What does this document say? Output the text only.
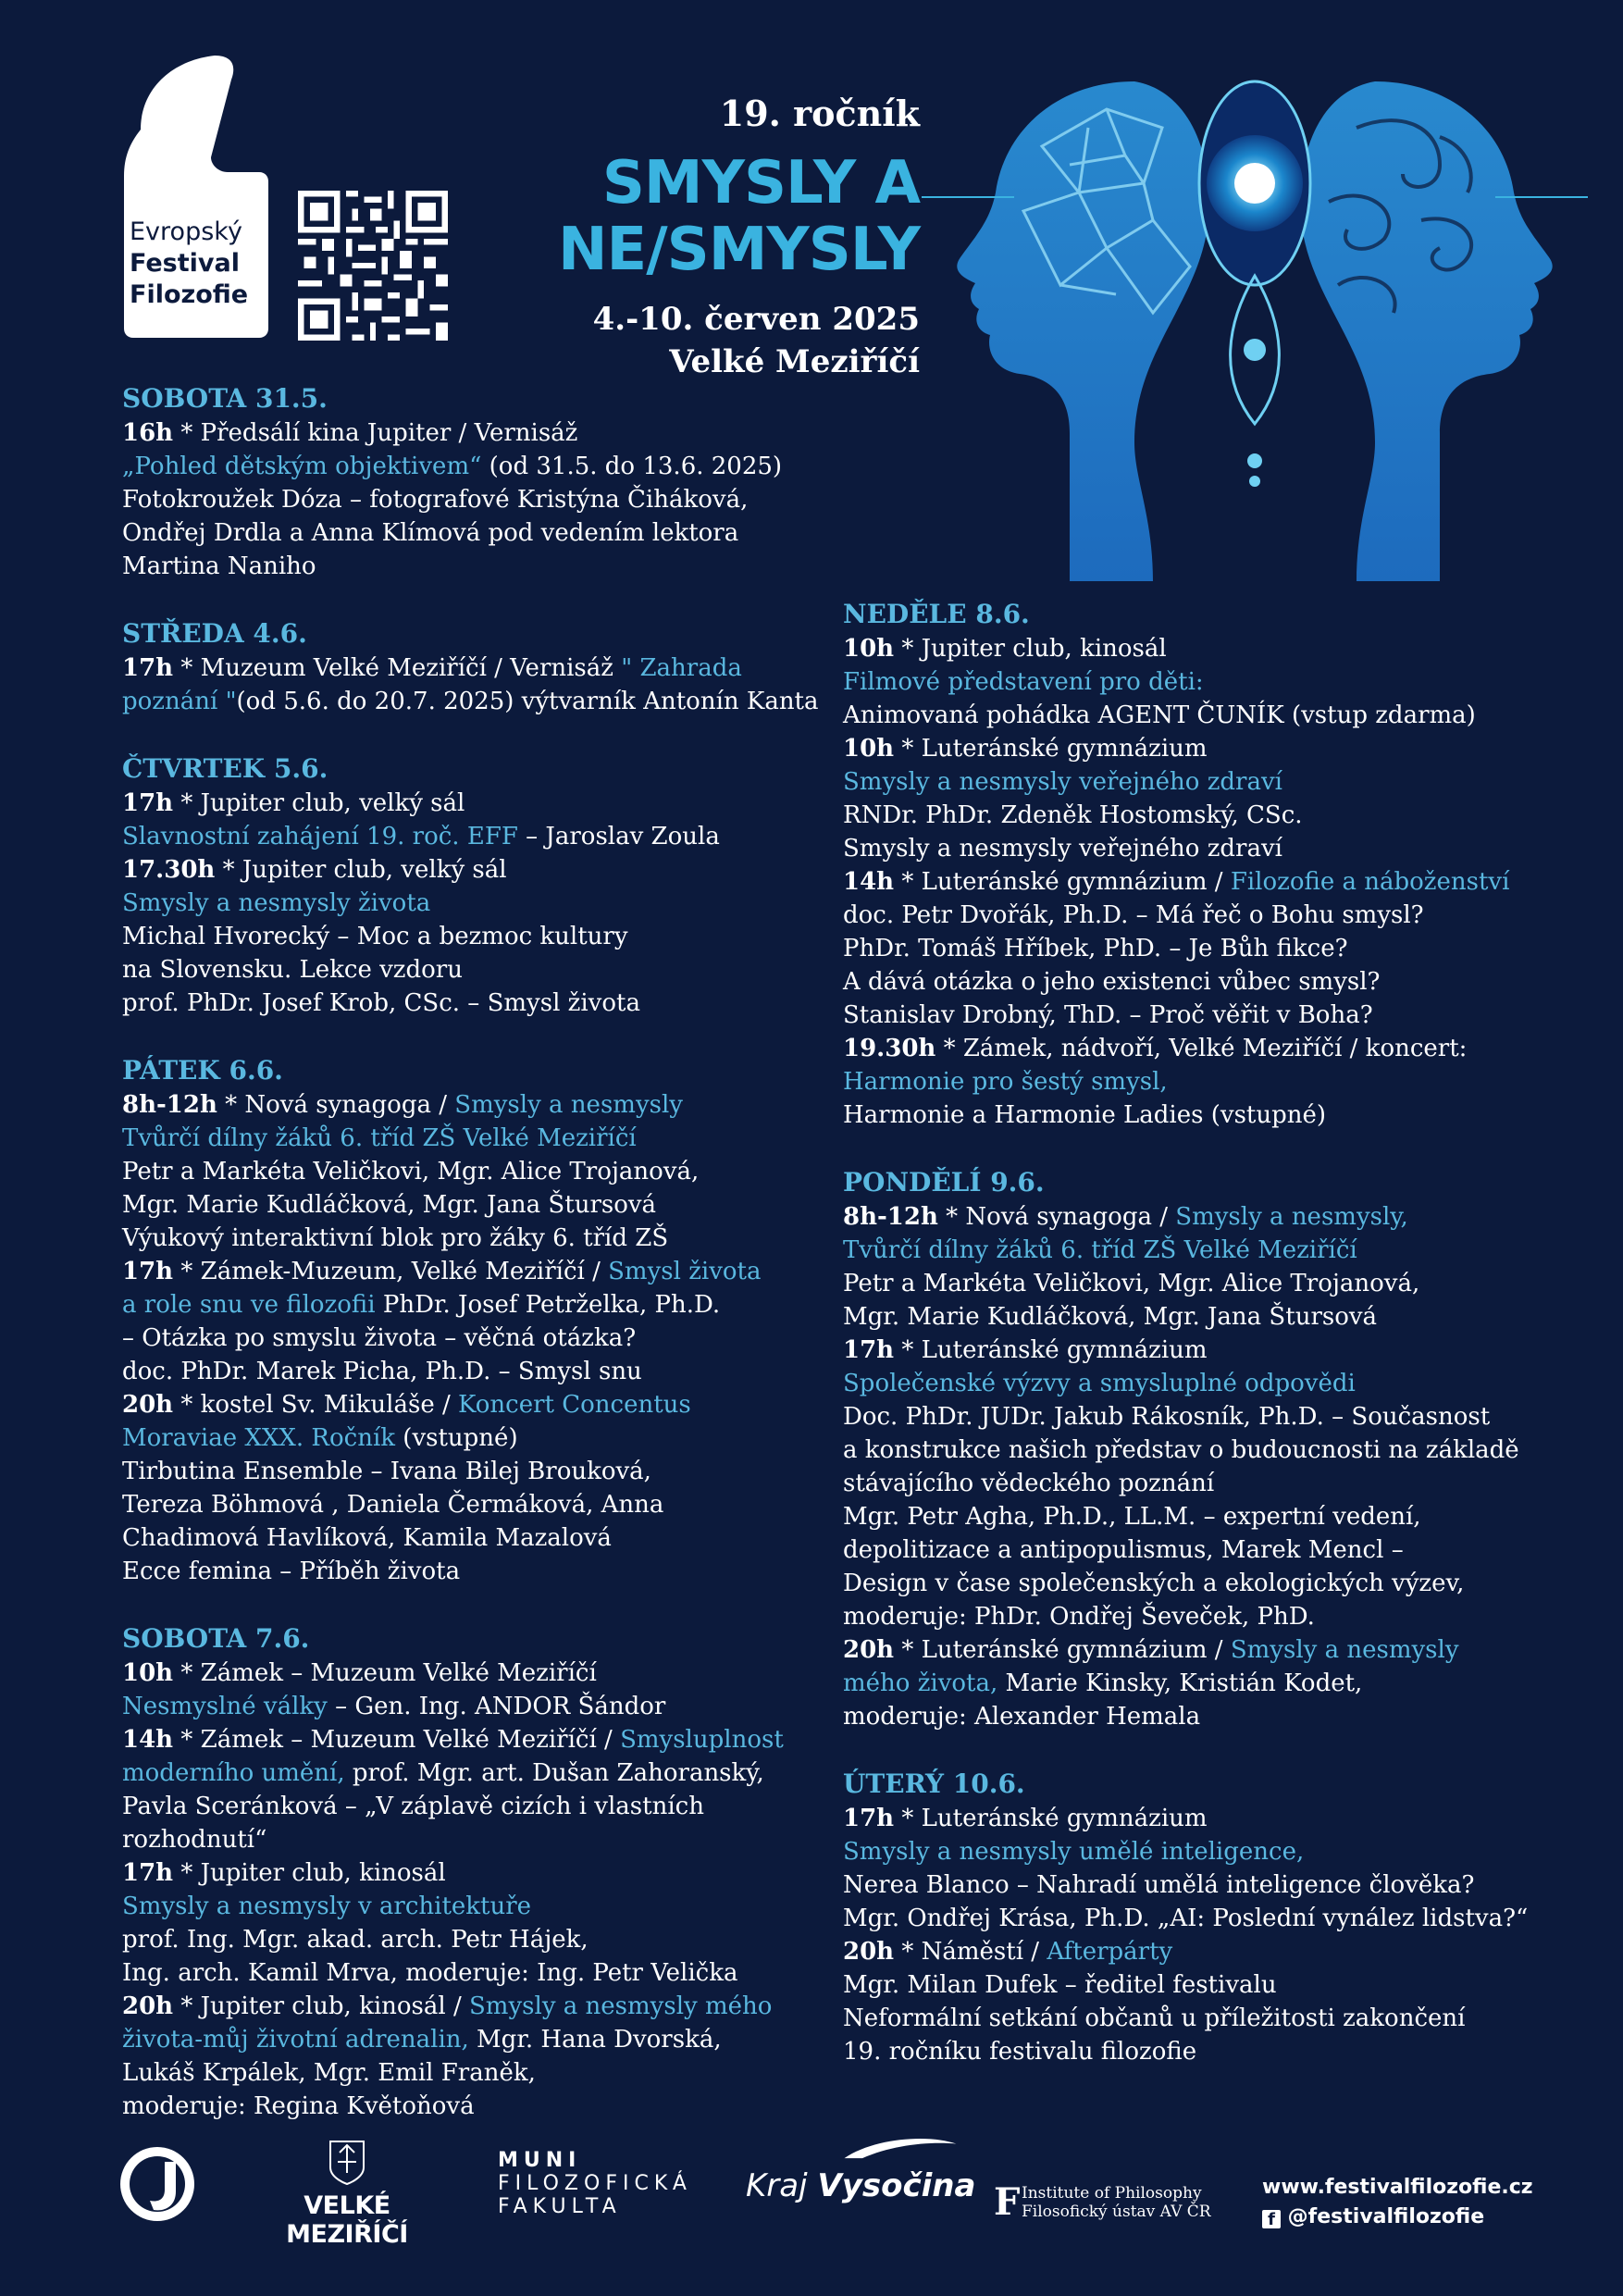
Evropský
Festival
Filozofie
19. ročník
SMYSLY A
NE/SMYSLY
4.-10. červen 2025
Velké Meziříčí
SOBOTA 31.5.
16h * Předsálí kina Jupiter / Vernisáž
„Pohled dětským objektivem“ (od 31.5. do 13.6. 2025)
Fotokroužek Dóza – fotografové Kristýna Čiháková,
Ondřej Drdla a Anna Klímová pod vedením lektora
Martina Naniho
STŘEDA 4.6.
17h * Muzeum Velké Meziříčí / Vernisáž " Zahrada
poznání "(od 5.6. do 20.7. 2025) výtvarník Antonín Kanta
ČTVRTEK 5.6.
17h * Jupiter club, velký sál
Slavnostní zahájení 19. roč. EFF – Jaroslav Zoula
17.30h * Jupiter club, velký sál
Smysly a nesmysly života
Michal Hvorecký – Moc a bezmoc kultury
na Slovensku. Lekce vzdoru
prof. PhDr. Josef Krob, CSc. – Smysl života
PÁTEK 6.6.
8h-12h * Nová synagoga / Smysly a nesmysly
Tvůrčí dílny žáků 6. tříd ZŠ Velké Meziříčí
Petr a Markéta Veličkovi, Mgr. Alice Trojanová,
Mgr. Marie Kudláčková, Mgr. Jana Štursová
Výukový interaktivní blok pro žáky 6. tříd ZŠ
17h * Zámek-Muzeum, Velké Meziříčí / Smysl života
a role snu ve filozofii PhDr. Josef Petrželka, Ph.D.
– Otázka po smyslu života – věčná otázka?
doc. PhDr. Marek Picha, Ph.D. – Smysl snu
20h * kostel Sv. Mikuláše / Koncert Concentus
Moraviae XXX. Ročník (vstupné)
Tirbutina Ensemble – Ivana Bilej Brouková,
Tereza Böhmová , Daniela Čermáková, Anna
Chadimová Havlíková, Kamila Mazalová
Ecce femina – Příběh života
SOBOTA 7.6.
10h * Zámek – Muzeum Velké Meziříčí
Nesmyslné války – Gen. Ing. ANDOR Šándor
14h * Zámek – Muzeum Velké Meziříčí / Smysluplnost
moderního umění, prof. Mgr. art. Dušan Zahoranský,
Pavla Sceránková – „V záplavě cizích i vlastních
rozhodnutí“
17h * Jupiter club, kinosál
Smysly a nesmysly v architektuře
prof. Ing. Mgr. akad. arch. Petr Hájek,
Ing. arch. Kamil Mrva, moderuje: Ing. Petr Velička
20h * Jupiter club, kinosál / Smysly a nesmysly mého
života-můj životní adrenalin, Mgr. Hana Dvorská,
Lukáš Krpálek, Mgr. Emil Franěk,
moderuje: Regina Květoňová
NEDĚLE 8.6.
10h * Jupiter club, kinosál
Filmové představení pro děti:
Animovaná pohádka AGENT ČUNÍK (vstup zdarma)
10h * Luteránské gymnázium
Smysly a nesmysly veřejného zdraví
RNDr. PhDr. Zdeněk Hostomský, CSc.
Smysly a nesmysly veřejného zdraví
14h * Luteránské gymnázium / Filozofie a náboženství
doc. Petr Dvořák, Ph.D. – Má řeč o Bohu smysl?
PhDr. Tomáš Hříbek, PhD. – Je Bůh fikce?
A dává otázka o jeho existenci vůbec smysl?
Stanislav Drobný, ThD. – Proč věřit v Boha?
19.30h * Zámek, nádvoří, Velké Meziříčí / koncert:
Harmonie pro šestý smysl,
Harmonie a Harmonie Ladies (vstupné)
PONDĚLÍ 9.6.
8h-12h * Nová synagoga / Smysly a nesmysly,
Tvůrčí dílny žáků 6. tříd ZŠ Velké Meziříčí
Petr a Markéta Veličkovi, Mgr. Alice Trojanová,
Mgr. Marie Kudláčková, Mgr. Jana Štursová
17h * Luteránské gymnázium
Společenské výzvy a smysluplné odpovědi
Doc. PhDr. JUDr. Jakub Rákosník, Ph.D. – Současnost
a konstrukce našich představ o budoucnosti na základě
stávajícího vědeckého poznání
Mgr. Petr Agha, Ph.D., LL.M. – expertní vedení,
depolitizace a antipopulismus, Marek Mencl –
Design v čase společenských a ekologických výzev,
moderuje: PhDr. Ondřej Ševeček, PhD.
20h * Luteránské gymnázium / Smysly a nesmysly
mého života, Marie Kinsky, Kristián Kodet,
moderuje: Alexander Hemala
ÚTERÝ 10.6.
17h * Luteránské gymnázium
Smysly a nesmysly umělé inteligence,
Nerea Blanco – Nahradí umělá inteligence člověka?
Mgr. Ondřej Krása, Ph.D. „AI: Poslední vynález lidstva?“
20h * Náměstí / Afterpárty
Mgr. Milan Dufek – ředitel festivalu
Neformální setkání občanů u příležitosti zakončení
19. ročníku festivalu filozofie
VELKÉ MEZIŘÍČÍ
MUNI
FILOZOFICKÁ
FAKULTA
Kraj Vysočina F Institute of Philosophy
Filosofický ústav AV ČR
www.festivalfilozofie.cz
f @festivalfilozofie
